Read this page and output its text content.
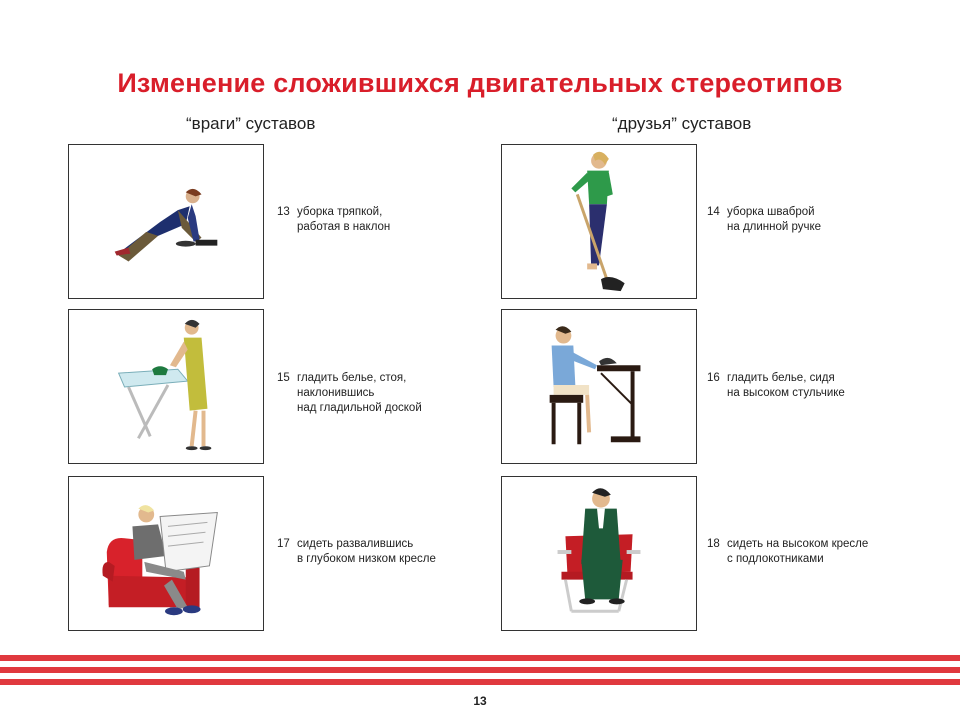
Изменение сложившихся двигательных стереотипов
“враги” суставов	“друзья” суставов
13 уборка тряпкой,
работая в наклон
14 уборка шваброй
на длинной ручке
15 гладить белье, стоя,
наклонившись
над гладильной доской
16 гладить белье, сидя
на высоком стульчике
17 сидеть развалившись
в глубоком низком кресле
18 сидеть на высоком кресле
с подлокотниками
13
